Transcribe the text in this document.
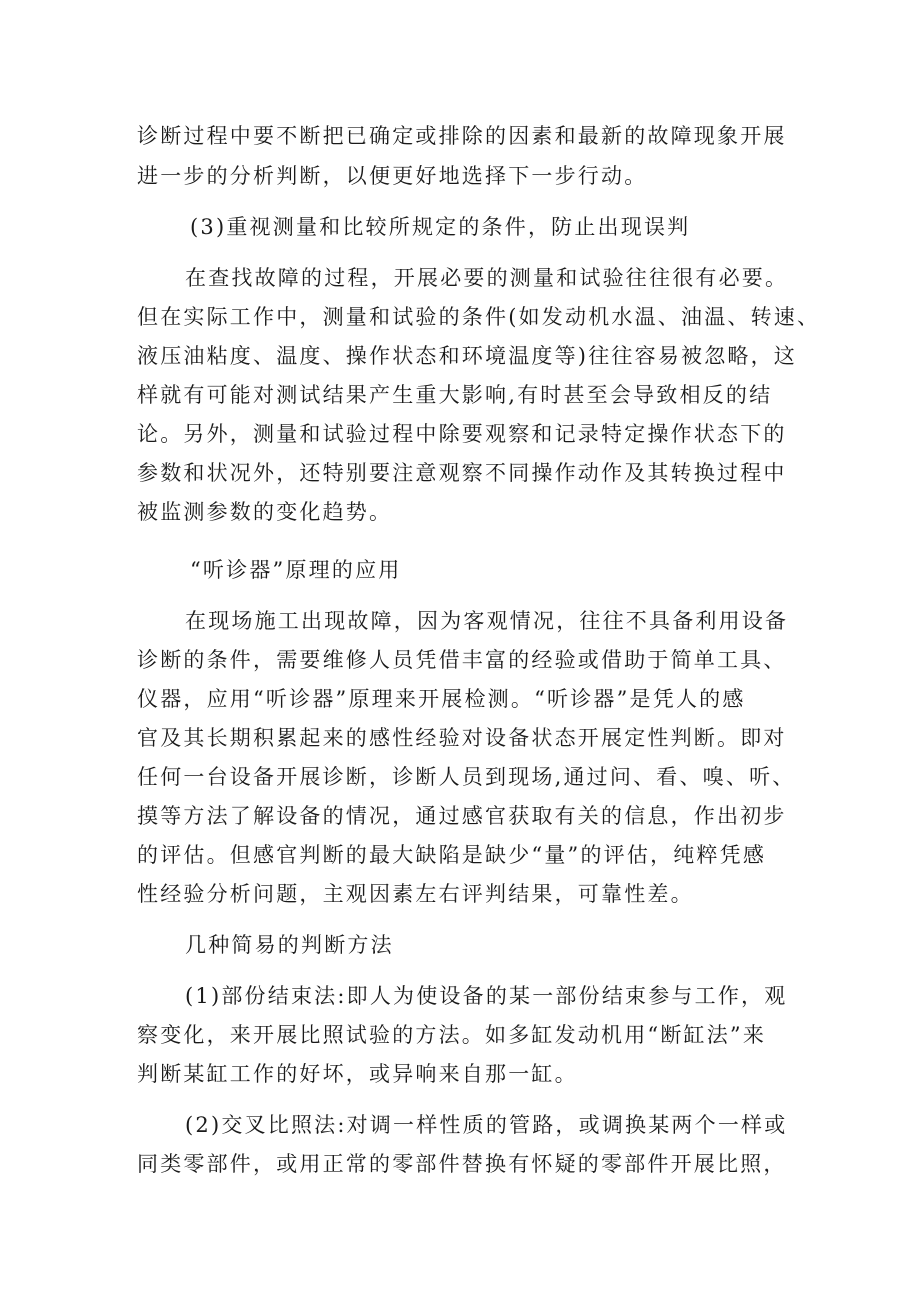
诊断过程中要不断把已确定或排除的因素和最新的故障现象开展
进一步的分析判断，以便更好地选择下一步行动。
(3)重视测量和比较所规定的条件，防止出现误判
在查找故障的过程，开展必要的测量和试验往往很有必要。
但在实际工作中，测量和试验的条件(如发动机水温、油温、转速、
液压油粘度、温度、操作状态和环境温度等)往往容易被忽略，这
样就有可能对测试结果产生重大影响,有时甚至会导致相反的结
论。另外，测量和试验过程中除要观察和记录特定操作状态下的
参数和状况外，还特别要注意观察不同操作动作及其转换过程中
被监测参数的变化趋势。
“听诊器”原理的应用
在现场施工出现故障，因为客观情况，往往不具备利用设备
诊断的条件，需要维修人员凭借丰富的经验或借助于简单工具、
仪器，应用“听诊器”原理来开展检测。“听诊器”是凭人的感
官及其长期积累起来的感性经验对设备状态开展定性判断。即对
任何一台设备开展诊断，诊断人员到现场,通过问、看、嗅、听、
摸等方法了解设备的情况，通过感官获取有关的信息，作出初步
的评估。但感官判断的最大缺陷是缺少“量”的评估，纯粹凭感
性经验分析问题，主观因素左右评判结果，可靠性差。
几种简易的判断方法
(1)部份结束法:即人为使设备的某一部份结束参与工作，观
察变化，来开展比照试验的方法。如多缸发动机用“断缸法”来
判断某缸工作的好坏，或异响来自那一缸。
(2)交叉比照法:对调一样性质的管路，或调换某两个一样或
同类零部件，或用正常的零部件替换有怀疑的零部件开展比照，
